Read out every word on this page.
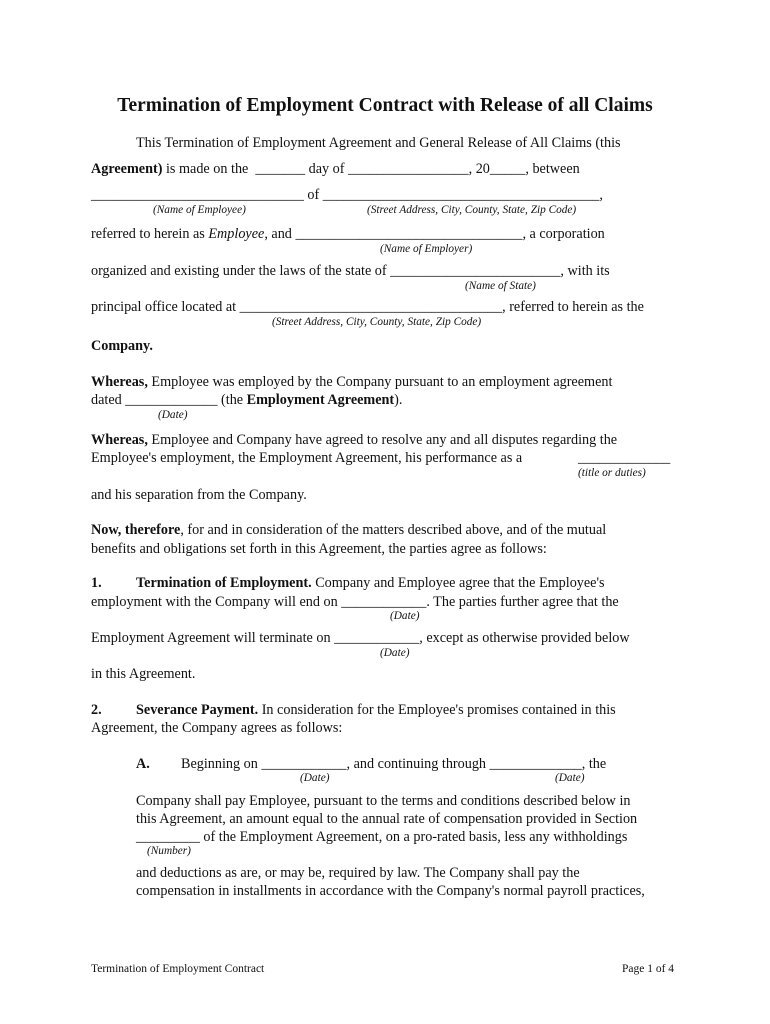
Termination of Employment Contract with Release of all Claims
This Termination of Employment Agreement and General Release of All Claims (this
Agreement) is made on the  _______ day of _________________, 20_____, between
______________________________ of _______________________________________,
(Name of Employee)	(Street Address, City, County, State, Zip Code)
referred to herein as Employee, and ________________________________, a corporation
(Name of Employer)
organized and existing under the laws of the state of ________________________, with its
(Name of State)
principal office located at _____________________________________, referred to herein as the
(Street Address, City, County, State, Zip Code)
Company.
Whereas, Employee was employed by the Company pursuant to an employment agreement
dated _____________ (the Employment Agreement).
(Date)
Whereas, Employee and Company have agreed to resolve any and all disputes regarding the
Employee's employment, the Employment Agreement, his performance as a	_____________
(title or duties)
and his separation from the Company.
Now, therefore, for and in consideration of the matters described above, and of the mutual
benefits and obligations set forth in this Agreement, the parties agree as follows:
1. Termination of Employment. Company and Employee agree that the Employee's
employment with the Company will end on ____________. The parties further agree that the
(Date)
Employment Agreement will terminate on ____________, except as otherwise provided below
(Date)
in this Agreement.
2. Severance Payment. In consideration for the Employee's promises contained in this
Agreement, the Company agrees as follows:
A. Beginning on ____________, and continuing through _____________, the
(Date)	(Date)
Company shall pay Employee, pursuant to the terms and conditions described below in
this Agreement, an amount equal to the annual rate of compensation provided in Section
_________ of the Employment Agreement, on a pro-rated basis, less any withholdings
(Number)
and deductions as are, or may be, required by law. The Company shall pay the
compensation in installments in accordance with the Company's normal payroll practices,
Termination of Employment Contract	Page 1 of 4
